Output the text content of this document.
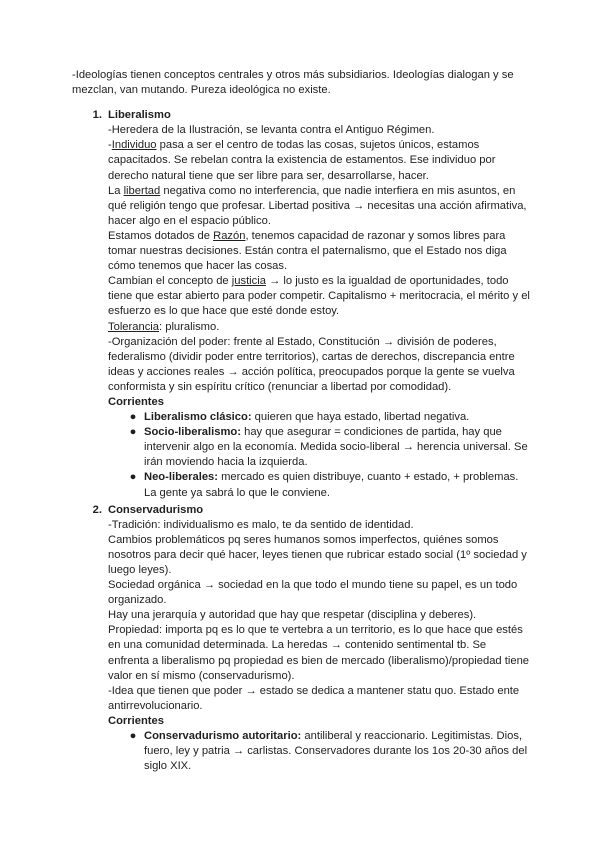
-Ideologías tienen conceptos centrales y otros más subsidiarios. Ideologías dialogan y se mezclan, van mutando. Pureza ideológica no existe.

1. Liberalismo

-Heredera de la Ilustración, se levanta contra el Antiguo Régimen.

-Individuo pasa a ser el centro de todas las cosas, sujetos únicos, estamos capacitados. Se rebelan contra la existencia de estamentos. Ese individuo por derecho natural tiene que ser libre para ser, desarrollarse, hacer.

La libertad negativa como no interferencia, que nadie interfiera en mis asuntos, en qué religión tengo que profesar. Libertad positiva → necesitas una acción afirmativa, hacer algo en el espacio público.

Estamos dotados de Razón, tenemos capacidad de razonar y somos libres para tomar nuestras decisiones. Están contra el paternalismo, que el Estado nos diga cómo tenemos que hacer las cosas.

Cambian el concepto de justicia → lo justo es la igualdad de oportunidades, todo tiene que estar abierto para poder competir. Capitalismo + meritocracia, el mérito y el esfuerzo es lo que hace que esté donde estoy.

Tolerancia: pluralismo.

-Organización del poder: frente al Estado, Constitución → división de poderes, federalismo (dividir poder entre territorios), cartas de derechos, discrepancia entre ideas y acciones reales → acción política, preocupados porque la gente se vuelva conformista y sin espíritu crítico (renunciar a libertad por comodidad).

Corrientes

● Liberalismo clásico: quieren que haya estado, libertad negativa.
● Socio-liberalismo: hay que asegurar = condiciones de partida, hay que intervenir algo en la economía. Medida socio-liberal → herencia universal. Se irán moviendo hacia la izquierda.
● Neo-liberales: mercado es quien distribuye, cuanto + estado, + problemas. La gente ya sabrá lo que le conviene.
2. Conservadurismo

-Tradición: individualismo es malo, te da sentido de identidad.

Cambios problemáticos pq seres humanos somos imperfectos, quiénes somos nosotros para decir qué hacer, leyes tienen que rubricar estado social (1º sociedad y luego leyes).

Sociedad orgánica → sociedad en la que todo el mundo tiene su papel, es un todo organizado.

Hay una jerarquía y autoridad que hay que respetar (disciplina y deberes).

Propiedad: importa pq es lo que te vertebra a un territorio, es lo que hace que estés en una comunidad determinada. La heredas → contenido sentimental tb. Se enfrenta a liberalismo pq propiedad es bien de mercado (liberalismo)/propiedad tiene valor en sí mismo (conservadurismo).

-Idea que tienen que poder → estado se dedica a mantener statu quo. Estado ente antirrevolucionario.

Corrientes

● Conservadurismo autoritario: antiliberal y reaccionario. Legitimistas. Dios, fuero, ley y patria → carlistas. Conservadores durante los 1os 20-30 años del siglo XIX.
